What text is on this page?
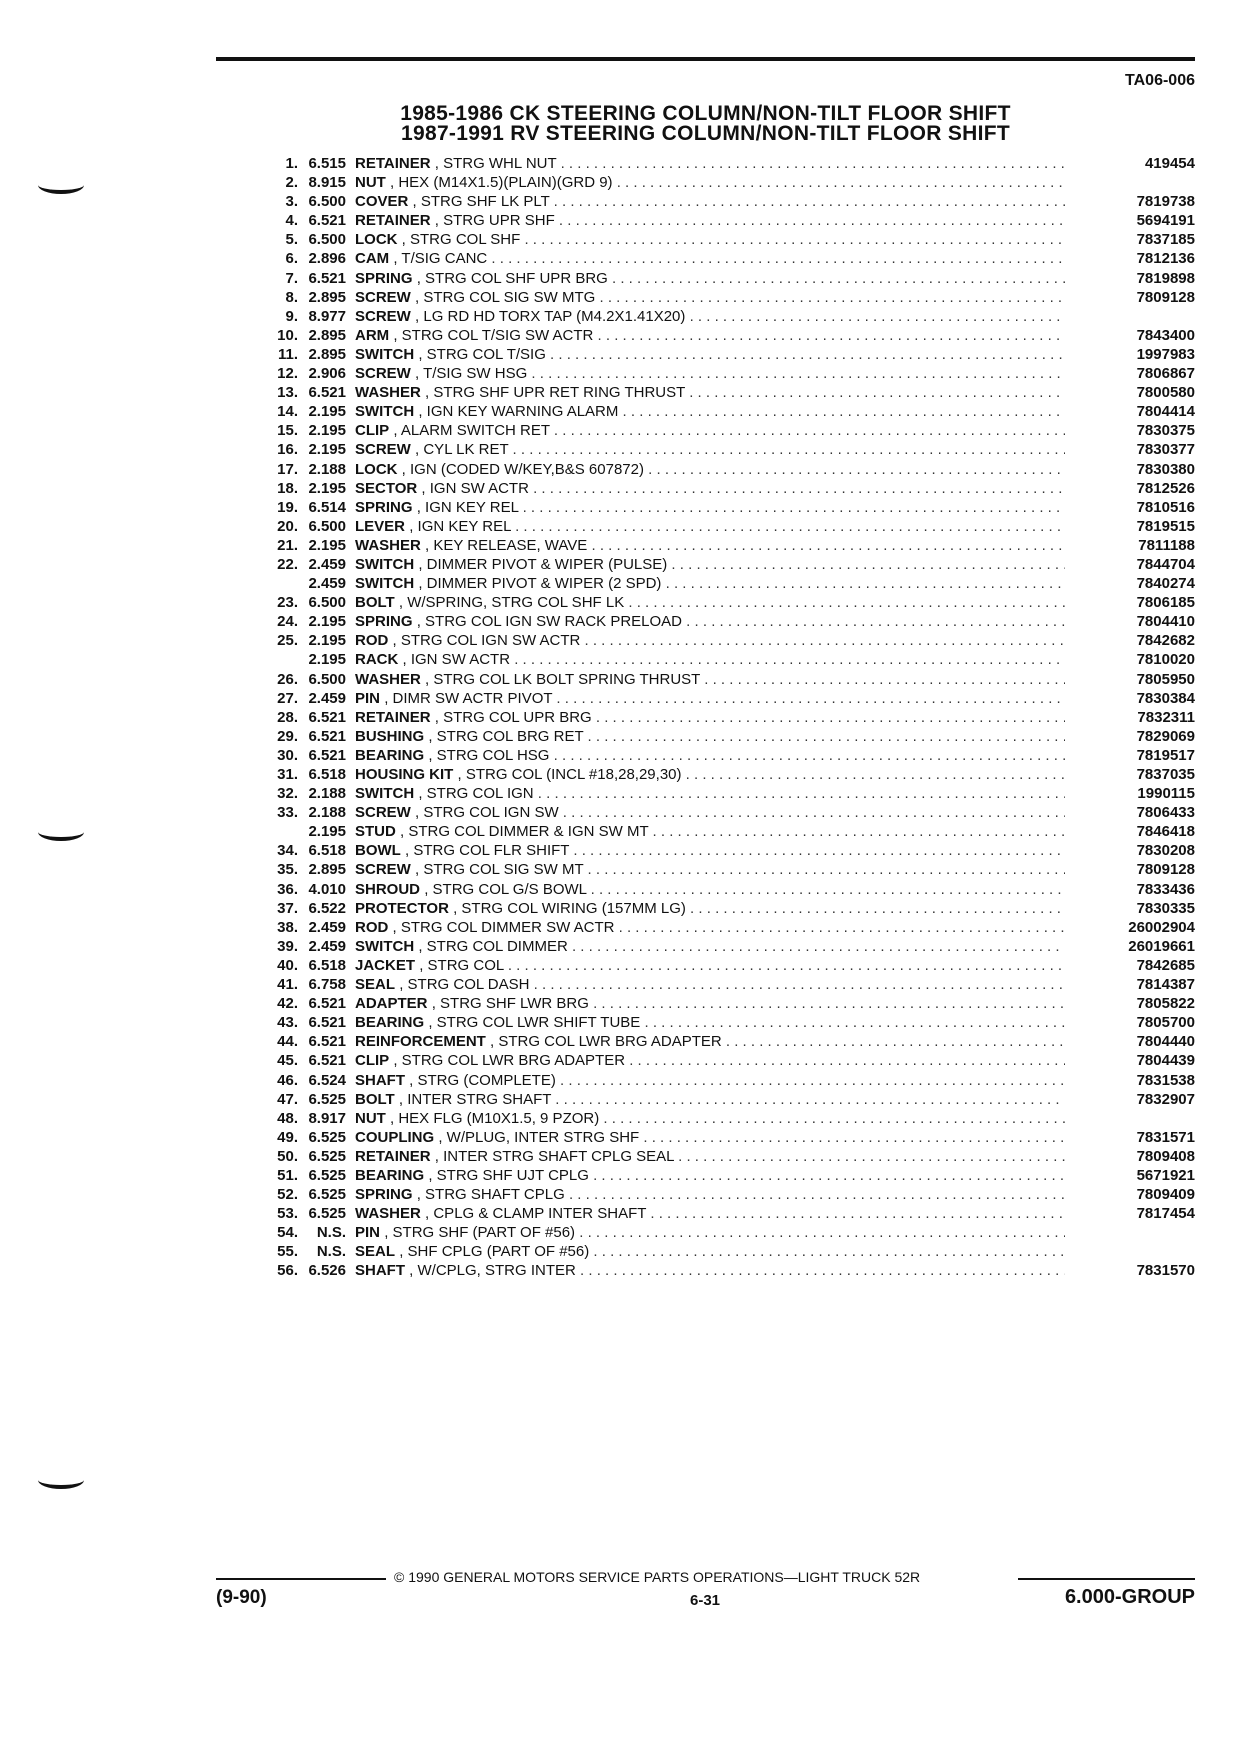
TA06-006
1985-1986 CK STEERING COLUMN/NON-TILT FLOOR SHIFT
1987-1991 RV STEERING COLUMN/NON-TILT FLOOR SHIFT
1. 6.515 RETAINER , STRG WHL NUT . . .	419454
2. 8.915 NUT , HEX (M14X1.5)(PLAIN)(GRD 9) . . .
3. 6.500 COVER , STRG SHF LK PLT . . .	7819738
4. 6.521 RETAINER , STRG UPR SHF . . .	5694191
5. 6.500 LOCK , STRG COL SHF . . .	7837185
6. 2.896 CAM , T/SIG CANC . . .	7812136
7. 6.521 SPRING , STRG COL SHF UPR BRG . . .	7819898
8. 2.895 SCREW , STRG COL SIG SW MTG . . .	7809128
9. 8.977 SCREW , LG RD HD TORX TAP (M4.2X1.41X20) . . .
10. 2.895 ARM , STRG COL T/SIG SW ACTR . . .	7843400
11. 2.895 SWITCH , STRG COL T/SIG . . .	1997983
12. 2.906 SCREW , T/SIG SW HSG . . .	7806867
13. 6.521 WASHER , STRG SHF UPR RET RING THRUST . . .	7800580
14. 2.195 SWITCH , IGN KEY WARNING ALARM . . .	7804414
15. 2.195 CLIP , ALARM SWITCH RET . . .	7830375
16. 2.195 SCREW , CYL LK RET . . .	7830377
17. 2.188 LOCK , IGN (CODED W/KEY,B&S 607872) . . .	7830380
18. 2.195 SECTOR , IGN SW ACTR . . .	7812526
19. 6.514 SPRING , IGN KEY REL . . .	7810516
20. 6.500 LEVER , IGN KEY REL . . .	7819515
21. 2.195 WASHER , KEY RELEASE, WAVE . . .	7811188
22. 2.459 SWITCH , DIMMER PIVOT & WIPER (PULSE) . . .	7844704
2.459 SWITCH , DIMMER PIVOT & WIPER (2 SPD) . . .	7840274
23. 6.500 BOLT , W/SPRING, STRG COL SHF LK . . .	7806185
24. 2.195 SPRING , STRG COL IGN SW RACK PRELOAD . . .	7804410
25. 2.195 ROD , STRG COL IGN SW ACTR . . .	7842682
2.195 RACK , IGN SW ACTR . . .	7810020
26. 6.500 WASHER , STRG COL LK BOLT SPRING THRUST . . .	7805950
27. 2.459 PIN , DIMR SW ACTR PIVOT . . .	7830384
28. 6.521 RETAINER , STRG COL UPR BRG . . .	7832311
29. 6.521 BUSHING , STRG COL BRG RET . . .	7829069
30. 6.521 BEARING , STRG COL HSG . . .	7819517
31. 6.518 HOUSING KIT , STRG COL (INCL #18,28,29,30) . . .	7837035
32. 2.188 SWITCH , STRG COL IGN . . .	1990115
33. 2.188 SCREW , STRG COL IGN SW . . .	7806433
2.195 STUD , STRG COL DIMMER & IGN SW MT . . .	7846418
34. 6.518 BOWL , STRG COL FLR SHIFT . . .	7830208
35. 2.895 SCREW , STRG COL SIG SW MT . . .	7809128
36. 4.010 SHROUD , STRG COL G/S BOWL . . .	7833436
37. 6.522 PROTECTOR , STRG COL WIRING (157MM LG) . . .	7830335
38. 2.459 ROD , STRG COL DIMMER SW ACTR . . .	26002904
39. 2.459 SWITCH , STRG COL DIMMER . . .	26019661
40. 6.518 JACKET , STRG COL . . .	7842685
41. 6.758 SEAL , STRG COL DASH . . .	7814387
42. 6.521 ADAPTER , STRG SHF LWR BRG . . .	7805822
43. 6.521 BEARING , STRG COL LWR SHIFT TUBE . . .	7805700
44. 6.521 REINFORCEMENT , STRG COL LWR BRG ADAPTER . . .	7804440
45. 6.521 CLIP , STRG COL LWR BRG ADAPTER . . .	7804439
46. 6.524 SHAFT , STRG (COMPLETE) . . .	7831538
47. 6.525 BOLT , INTER STRG SHAFT . . .	7832907
48. 8.917 NUT , HEX FLG (M10X1.5, 9 PZOR) . . .
49. 6.525 COUPLING , W/PLUG, INTER STRG SHF . . .	7831571
50. 6.525 RETAINER , INTER STRG SHAFT CPLG SEAL . . .	7809408
51. 6.525 BEARING , STRG SHF UJT CPLG . . .	5671921
52. 6.525 SPRING , STRG SHAFT CPLG . . .	7809409
53. 6.525 WASHER , CPLG & CLAMP INTER SHAFT . . .	7817454
54.	N.S. PIN , STRG SHF (PART OF #56) . . .
55.	N.S. SEAL , SHF CPLG (PART OF #56) . . .
56. 6.526 SHAFT , W/CPLG, STRG INTER . . .	7831570
© 1990 GENERAL MOTORS SERVICE PARTS OPERATIONS—LIGHT TRUCK 52R
(9-90)	6-31	6.000-GROUP
